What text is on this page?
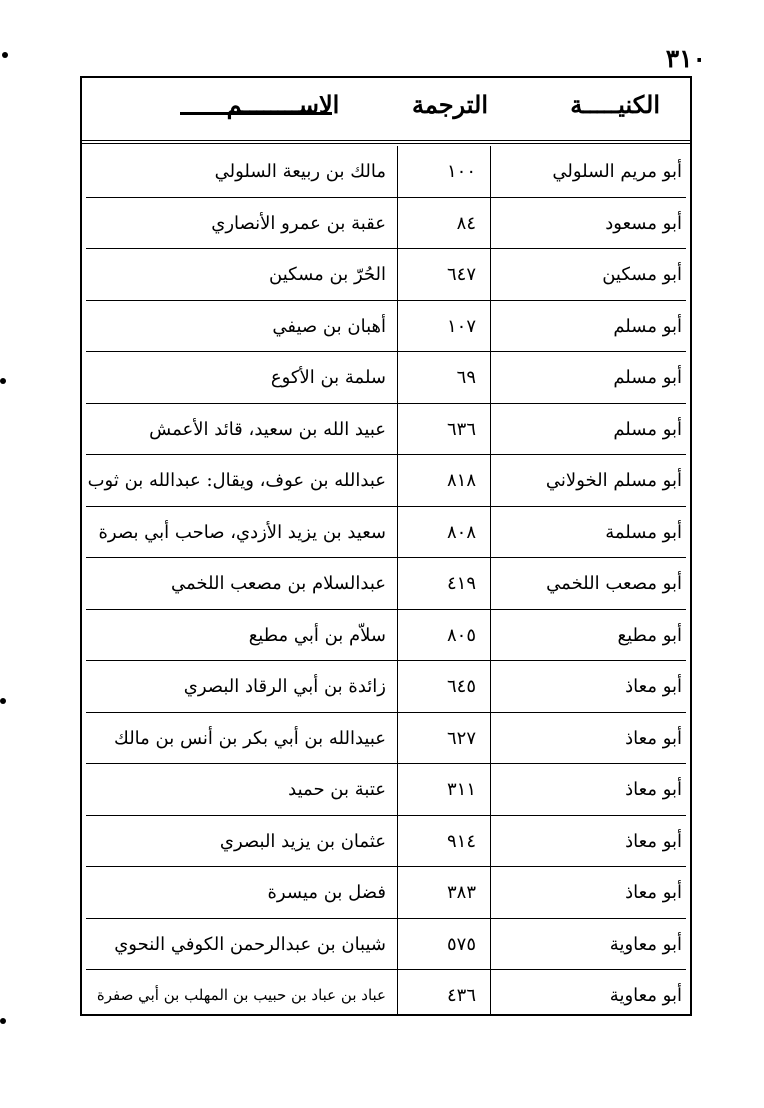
٣١٠
الكنيـــــة
الترجمة
الاســــــــم
أبو مريم السلولي
١٠٠
مالك بن ربيعة السلولي
أبو مسعود
٨٤
عقبة بن عمرو الأنصاري
أبو مسكين
٦٤٧
الحُرّ بن مسكين
أبو مسلم
١٠٧
أهبان بن صيفي
أبو مسلم
٦٩
سلمة بن الأكوع
أبو مسلم
٦٣٦
عبيد الله بن سعيد، قائد الأعمش
أبو مسلم الخولاني
٨١٨
عبدالله بن عوف، ويقال: عبدالله بن ثوب
أبو مسلمة
٨٠٨
سعيد بن يزيد الأزدي، صاحب أبي بصرة
أبو مصعب اللخمي
٤١٩
عبدالسلام بن مصعب اللخمي
أبو مطيع
٨٠٥
سلاّم بن أبي مطيع
أبو معاذ
٦٤٥
زائدة بن أبي الرقاد البصري
أبو معاذ
٦٢٧
عبيدالله بن أبي بكر بن أنس بن مالك
أبو معاذ
٣١١
عتبة بن حميد
أبو معاذ
٩١٤
عثمان بن يزيد البصري
أبو معاذ
٣٨٣
فضل بن ميسرة
أبو معاوية
٥٧٥
شيبان بن عبدالرحمن الكوفي النحوي
أبو معاوية
٤٣٦
عباد بن عباد بن حبيب بن المهلب بن أبي صفرة
